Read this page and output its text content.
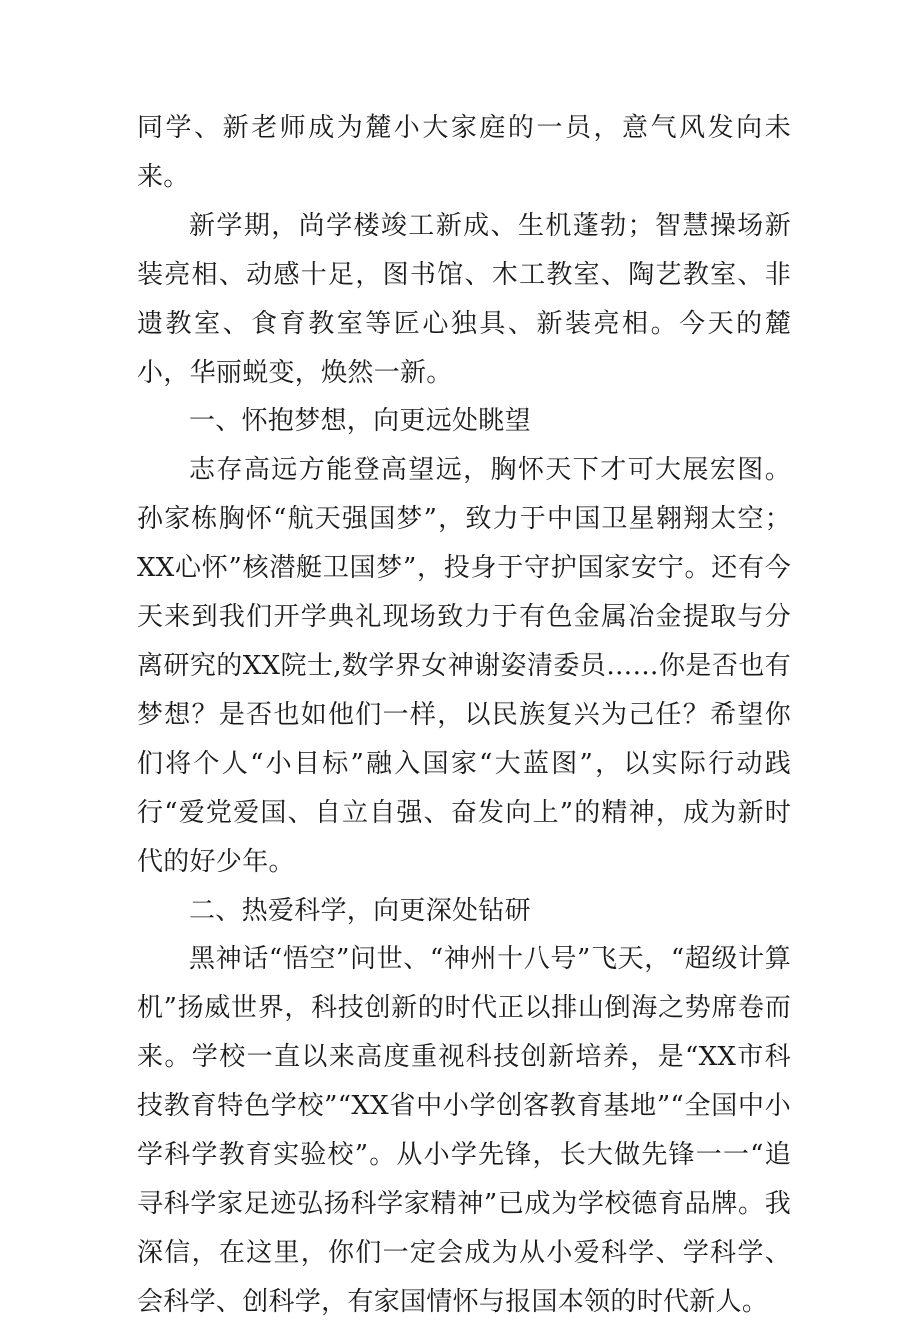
同学、新老师成为麓小大家庭的一员，意气风发向未来。

新学期，尚学楼竣工新成、生机蓬勃；智慧操场新装亮相、动感十足，图书馆、木工教室、陶艺教室、非遗教室、食育教室等匠心独具、新装亮相。今天的麓小，华丽蜕变，焕然一新。

一、怀抱梦想，向更远处眺望

志存高远方能登高望远，胸怀天下才可大展宏图。孙家栋胸怀“航天强国梦”，致力于中国卫星翱翔太空；XX心怀”核潜艇卫国梦”，投身于守护国家安宁。还有今天来到我们开学典礼现场致力于有色金属冶金提取与分离研究的XX院士,数学界女神谢姿清委员……你是否也有梦想？是否也如他们一样，以民族复兴为己任？希望你们将个人“小目标”融入国家“大蓝图”，以实际行动践行“爱党爱国、自立自强、奋发向上”的精神，成为新时代的好少年。

二、热爱科学，向更深处钻研

黑神话“悟空”问世、“神州十八号”飞天，“超级计算机”扬威世界，科技创新的时代正以排山倒海之势席卷而来。学校一直以来高度重视科技创新培养，是“XX市科技教育特色学校”“XX省中小学创客教育基地”“全国中小学科学教育实验校”。从小学先锋，长大做先锋一一“追寻科学家足迹弘扬科学家精神”已成为学校德育品牌。我深信，在这里，你们一定会成为从小爱科学、学科学、会科学、创科学，有家国情怀与报国本领的时代新人。
